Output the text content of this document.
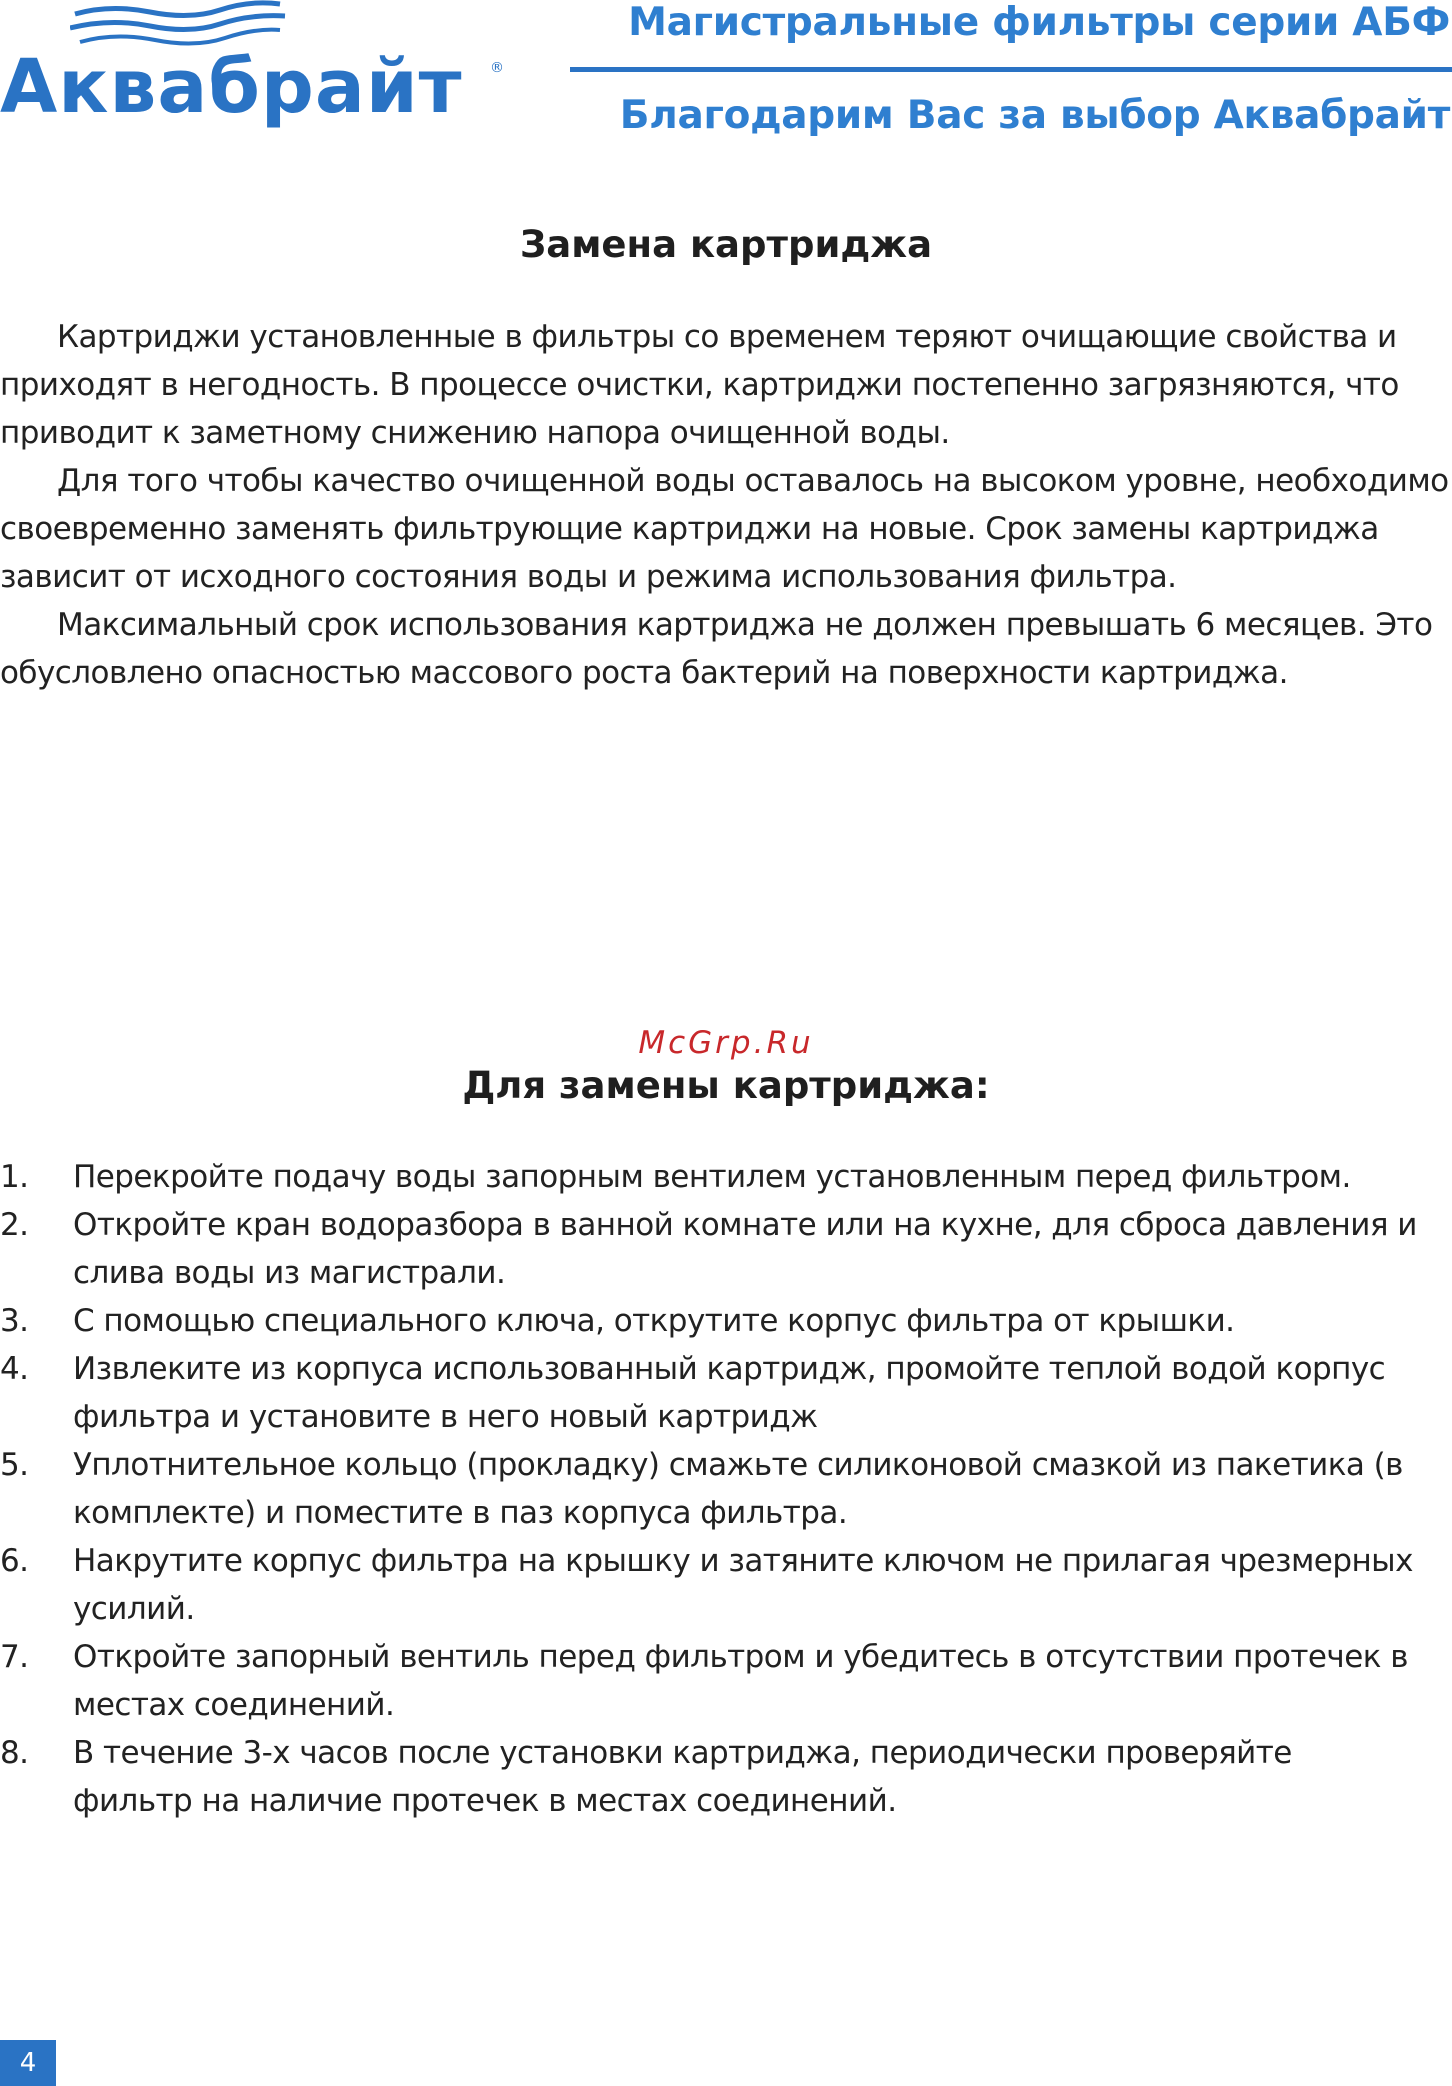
Аквабрайт ®
Магистральные фильтры серии АБФ
Благодарим Вас за выбор Аквабрайт
Замена картриджа

Картриджи установленные в фильтры со временем теряют очищающие свойства и приходят в негодность. В процессе очистки, картриджи постепенно загрязняются, что приводит к заметному снижению напора очищенной воды.

Для того чтобы качество очищенной воды оставалось на высоком уровне, необходимо своевременно заменять фильтрующие картриджи на новые. Срок замены картриджа зависит от исходного состояния воды и режима использования фильтра.

Максимальный срок использования картриджа не должен превышать 6 месяцев. Это обусловлено опасностью массового роста бактерий на поверхности картриджа.

McGrp.Ru
Для замены картриджа:
1. Перекройте подачу воды запорным вентилем установленным перед фильтром.
2. Откройте кран водоразбора в ванной комнате или на кухне, для сброса давления и слива воды из магистрали.
3. С помощью специального ключа, открутите корпус фильтра от крышки.
4. Извлеките из корпуса использованный картридж, промойте теплой водой корпус фильтра и установите в него новый картридж
5. Уплотнительное кольцо (прокладку) смажьте силиконовой смазкой из пакетика (в комплекте) и поместите в паз корпуса фильтра.
6. Накрутите корпус фильтра на крышку и затяните ключом не прилагая чрезмерных усилий.
7. Откройте запорный вентиль перед фильтром и убедитесь в отсутствии протечек в местах соединений.
8. В течение 3-х часов после установки картриджа, периодически проверяйте фильтр на наличие протечек в местах соединений.
4
